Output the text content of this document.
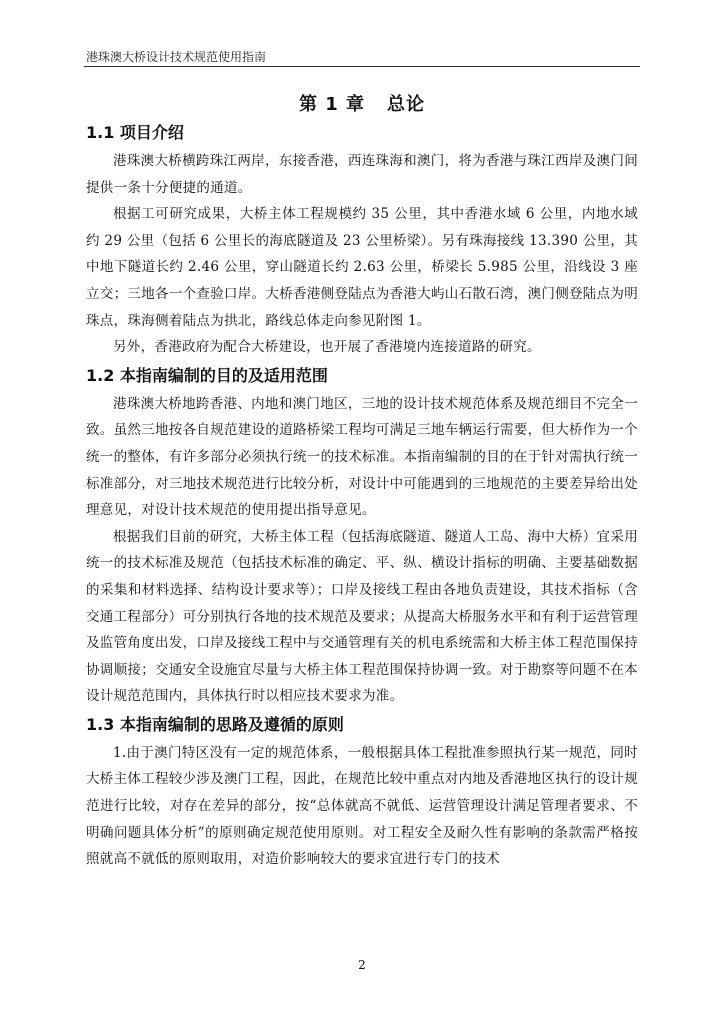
港珠澳大桥设计技术规范使用指南
第 1 章 总论
1.1 项目介绍

港珠澳大桥横跨珠江两岸，东接香港，西连珠海和澳门，将为香港与珠江西岸及澳门间提供一条十分便捷的通道。

根据工可研究成果，大桥主体工程规模约 35 公里，其中香港水域 6 公里，内地水域约 29 公里（包括 6 公里长的海底隧道及 23 公里桥梁）。另有珠海接线 13.390 公里，其中地下隧道长约 2.46 公里，穿山隧道长约 2.63 公里，桥梁长 5.985 公里，沿线设 3 座立交；三地各一个查验口岸。大桥香港侧登陆点为香港大屿山石散石湾，澳门侧登陆点为明珠点，珠海侧着陆点为拱北，路线总体走向参见附图 1。

另外，香港政府为配合大桥建设，也开展了香港境内连接道路的研究。

1.2 本指南编制的目的及适用范围

港珠澳大桥地跨香港、内地和澳门地区，三地的设计技术规范体系及规范细目不完全一致。虽然三地按各自规范建设的道路桥梁工程均可满足三地车辆运行需要，但大桥作为一个统一的整体，有许多部分必须执行统一的技术标准。本指南编制的目的在于针对需执行统一标准部分，对三地技术规范进行比较分析，对设计中可能遇到的三地规范的主要差异给出处理意见，对设计技术规范的使用提出指导意见。

根据我们目前的研究，大桥主体工程（包括海底隧道、隧道人工岛、海中大桥）宜采用统一的技术标准及规范（包括技术标准的确定、平、纵、横设计指标的明确、主要基础数据的采集和材料选择、结构设计要求等）；口岸及接线工程由各地负责建设，其技术指标（含交通工程部分）可分别执行各地的技术规范及要求；从提高大桥服务水平和有利于运营管理及监管角度出发，口岸及接线工程中与交通管理有关的机电系统需和大桥主体工程范围保持协调顺接；交通安全设施宜尽量与大桥主体工程范围保持协调一致。对于勘察等问题不在本设计规范范围内，具体执行时以相应技术要求为准。

1.3 本指南编制的思路及遵循的原则

1.由于澳门特区没有一定的规范体系，一般根据具体工程批准参照执行某一规范，同时大桥主体工程较少涉及澳门工程，因此，在规范比较中重点对内地及香港地区执行的设计规范进行比较，对存在差异的部分，按“总体就高不就低、运营管理设计满足管理者要求、不明确问题具体分析”的原则确定规范使用原则。对工程安全及耐久性有影响的条款需严格按照就高不就低的原则取用，对造价影响较大的要求宜进行专门的技术

2
